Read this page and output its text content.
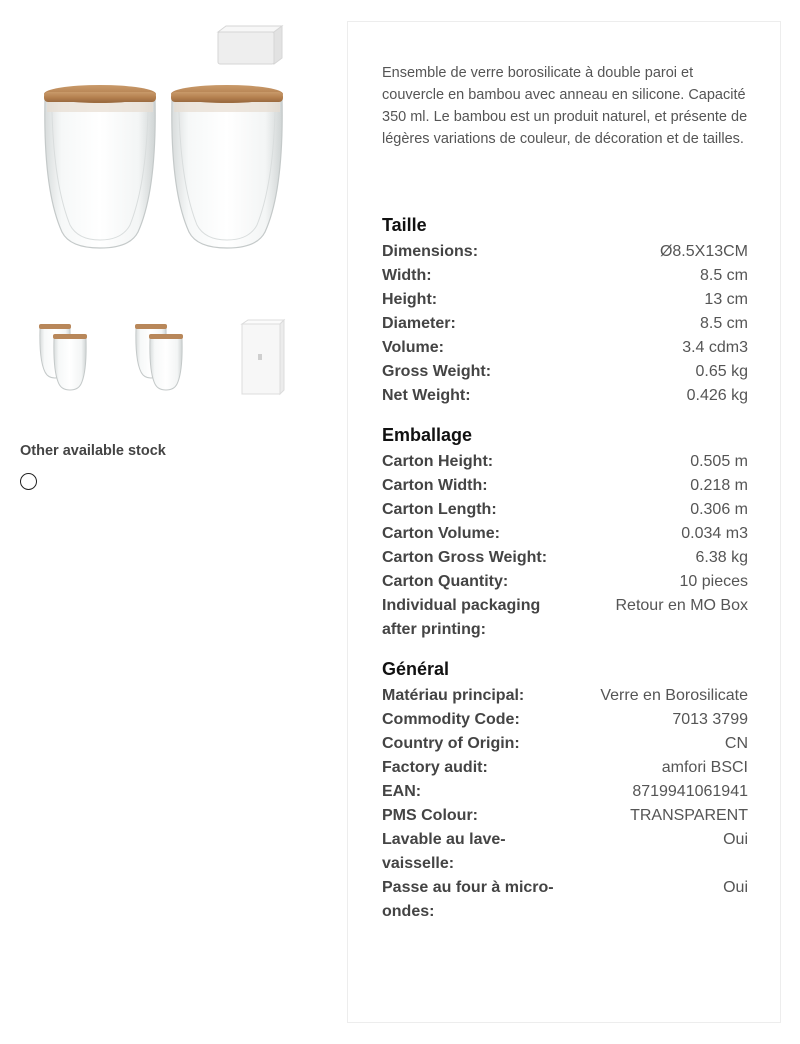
Other available stock
Ensemble de verre borosilicate à double paroi et couvercle en bambou avec anneau en silicone. Capacité 350 ml. Le bambou est un produit naturel, et présente de légères variations de couleur, de décoration et de tailles.
Taille
Dimensions:	Ø8.5X13CM
Width:	8.5 cm
Height:	13 cm
Diameter:	8.5 cm
Volume:	3.4 cdm3
Gross Weight:	0.65 kg
Net Weight:	0.426 kg
Emballage
Carton Height:	0.505 m
Carton Width:	0.218 m
Carton Length:	0.306 m
Carton Volume:	0.034 m3
Carton Gross Weight:	6.38 kg
Carton Quantity:	10 pieces
Individual packaging after printing:
Retour en MO Box
Général
Matériau principal:	Verre en Borosilicate
Commodity Code:	7013 3799
Country of Origin:	CN
Factory audit:	amfori BSCI
EAN:	8719941061941
PMS Colour:	TRANSPARENT
Lavable au lave-vaisselle:
Oui
Passe au four à micro-ondes:
Oui
